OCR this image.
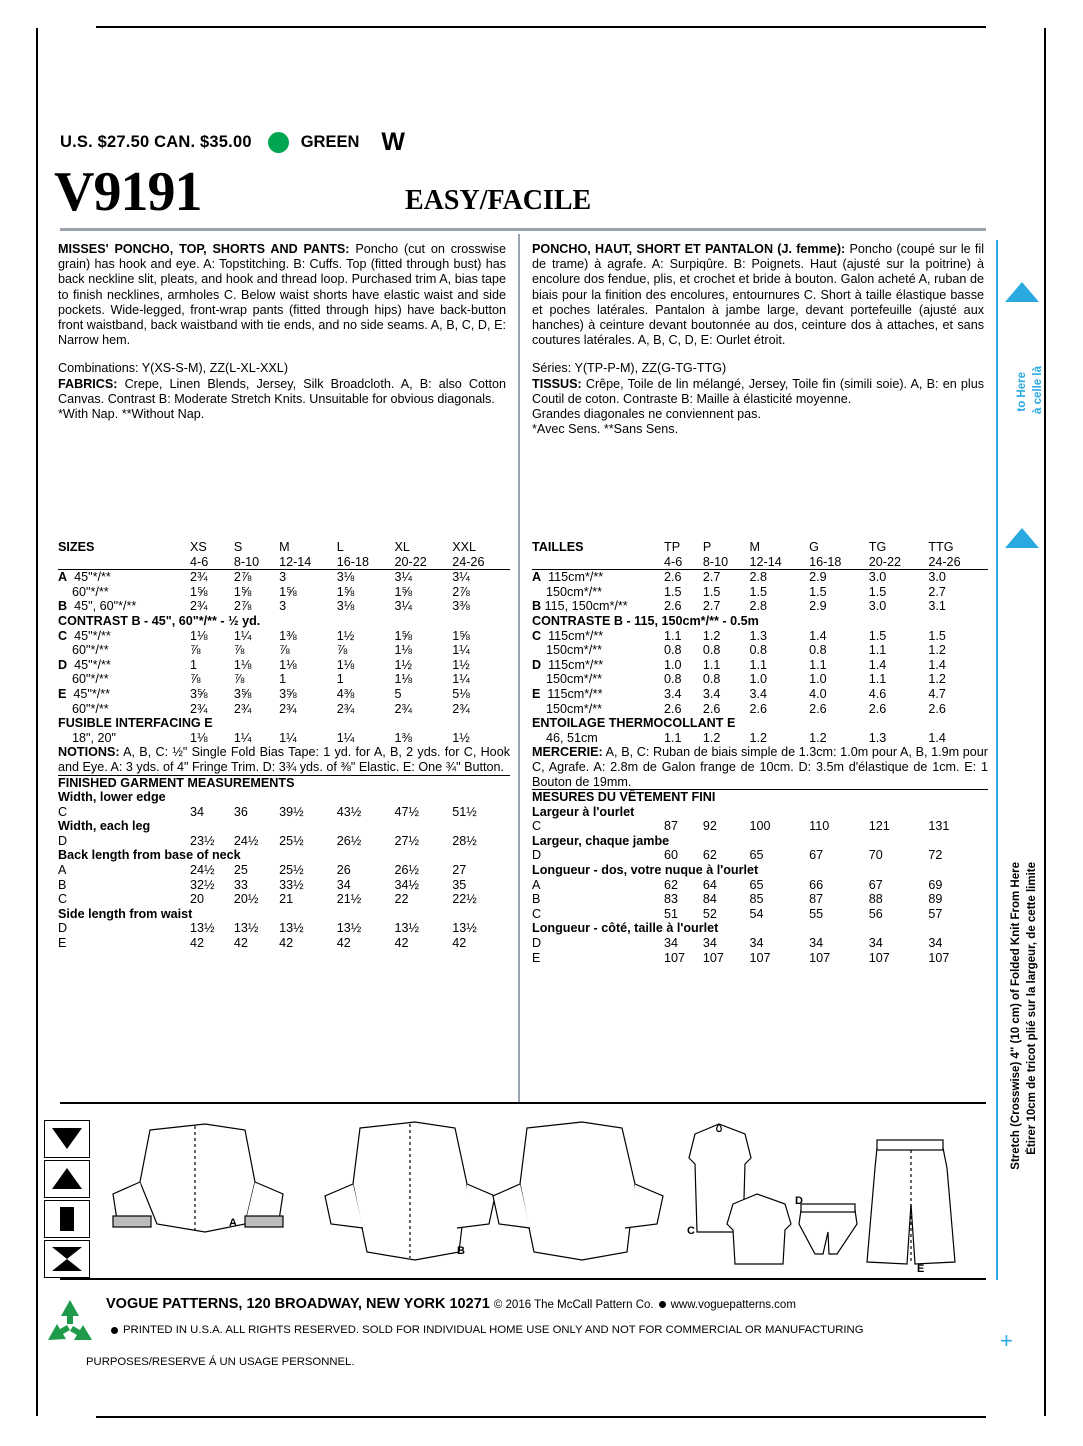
U.S. $27.50 CAN. $35.00	GREEN W
V9191	EASY/FACILE
MISSES' PONCHO, TOP, SHORTS AND PANTS: Poncho (cut on crosswise grain) has hook and eye. A: Topstitching. B: Cuffs. Top (fitted through bust) has back neckline slit, pleats, and hook and thread loop. Purchased trim A, bias tape to finish necklines, armholes C. Below waist shorts have elastic waist and side pockets. Wide-legged, front-wrap pants (fitted through hips) have back-button front waistband, back waistband with tie ends, and no side seams. A, B, C, D, E: Narrow hem.
Combinations: Y(XS-S-M), ZZ(L-XL-XXL)
FABRICS: Crepe, Linen Blends, Jersey, Silk Broadcloth. A, B: also Cotton Canvas. Contrast B: Moderate Stretch Knits. Unsuitable for obvious diagonals.
*With Nap. **Without Nap.
PONCHO, HAUT, SHORT ET PANTALON (J. femme): Poncho (coupé sur le fil de trame) à agrafe. A: Surpiqûre. B: Poignets. Haut (ajusté sur la poitrine) à encolure dos fendue, plis, et crochet et bride à bouton. Galon acheté A, ruban de biais pour la finition des encolures, entournures C. Short à taille élastique basse et poches latérales. Pantalon à jambe large, devant portefeuille (ajusté aux hanches) à ceinture devant boutonnée au dos, ceinture dos à attaches, et sans coutures latérales. A, B, C, D, E: Ourlet étroit.
Séries: Y(TP-P-M), ZZ(G-TG-TTG)
TISSUS: Crêpe, Toile de lin mélangé, Jersey, Toile fin (simili soie). A, B: en plus Coutil de coton. Contraste B: Maille à élasticité moyenne.
Grandes diagonales ne conviennent pas.
*Avec Sens. **Sans Sens.
SIZES	XS	S	M	L	XL	XXL
	4-6	8-10	12-14	16-18	20-22	24-26

A 45"*/**	2¾	2⅞	3	3⅛	3¼	3¼
60"*/**	1⅝	1⅝	1⅝	1⅝	1⅝	2⅞
B 45", 60"*/**	2¾	2⅞	3	3⅛	3¼	3⅜
CONTRAST B - 45", 60"*/** - ½ yd.						
C 45"*/**	1⅛	1¼	1⅜	1½	1⅝	1⅝
60"*/**	⅞	⅞	⅞	⅞	1⅛	1¼
D 45"*/**	1	1⅛	1⅛	1⅛	1½	1½
60"*/**	⅞	⅞	1	1	1⅛	1¼
E 45"*/**	3⅝	3⅝	3⅝	4⅜	5	5⅛
60"*/**	2¾	2¾	2¾	2¾	2¾	2¾
FUSIBLE INTERFACING E						
18", 20"	1⅛	1¼	1¼	1¼	1⅜	1½
NOTIONS: A, B, C: ½" Single Fold Bias Tape: 1 yd. for A, B, 2 yds. for C, Hook and Eye. A: 3 yds. of 4" Fringe Trim. D: 3¾ yds. of ⅜" Elastic. E: One ¾" Button.						

FINISHED GARMENT MEASUREMENTS						
Width, lower edge						
C	34	36	39½	43½	47½	51½
Width, each leg						
D	23½	24½	25½	26½	27½	28½
Back length from base of neck						
A	24½	25	25½	26	26½	27
B	32½	33	33½	34	34½	35
C	20	20½	21	21½	22	22½
Side length from waist						
D	13½	13½	13½	13½	13½	13½
E	42	42	42	42	42	42
TAILLES	TP	P	M	G	TG	TTG
	4-6	8-10	12-14	16-18	20-22	24-26

A 115cm*/**	2.6	2.7	2.8	2.9	3.0	3.0
150cm*/**	1.5	1.5	1.5	1.5	1.5	2.7
B 115, 150cm*/**	2.6	2.7	2.8	2.9	3.0	3.1
CONTRASTE B - 115, 150cm*/** - 0.5m						
C 115cm*/**	1.1	1.2	1.3	1.4	1.5	1.5
150cm*/**	0.8	0.8	0.8	0.8	1.1	1.2
D 115cm*/**	1.0	1.1	1.1	1.1	1.4	1.4
150cm*/**	0.8	0.8	1.0	1.0	1.1	1.2
E 115cm*/**	3.4	3.4	3.4	4.0	4.6	4.7
150cm*/**	2.6	2.6	2.6	2.6	2.6	2.6
ENTOILAGE THERMOCOLLANT E						
46, 51cm	1.1	1.2	1.2	1.2	1.3	1.4
MERCERIE: A, B, C: Ruban de biais simple de 1.3cm: 1.0m pour A, B, 1.9m pour C, Agrafe. A: 2.8m de Galon frange de 10cm. D: 3.5m d'élastique de 1cm. E: 1 Bouton de 19mm.						

MESURES DU VÊTEMENT FINI						
Largeur à l'ourlet						
C	87	92	100	110	121	131
Largeur, chaque jambe						
D	60	62	65	67	70	72
Longueur - dos, votre nuque à l'ourlet						
A	62	64	65	66	67	69
B	83	84	85	87	88	89
C	51	52	54	55	56	57
Longueur - côté, taille à l'ourlet						
D	34	34	34	34	34	34
E	107	107	107	107	107	107
to Here à celle là
Stretch (Crosswise) 4" (10 cm) of Folded Knit From Here Étirer 10cm de tricot plié sur la largeur, de cette limite
+
A
B
C
D
E
VOGUE PATTERNS, 120 BROADWAY, NEW YORK 10271 © 2016 The McCall Pattern Co. www.voguepatterns.com
PRINTED IN U.S.A. ALL RIGHTS RESERVED. SOLD FOR INDIVIDUAL HOME USE ONLY AND NOT FOR COMMERCIAL OR MANUFACTURING
PURPOSES/RESERVE Á UN USAGE PERSONNEL.
